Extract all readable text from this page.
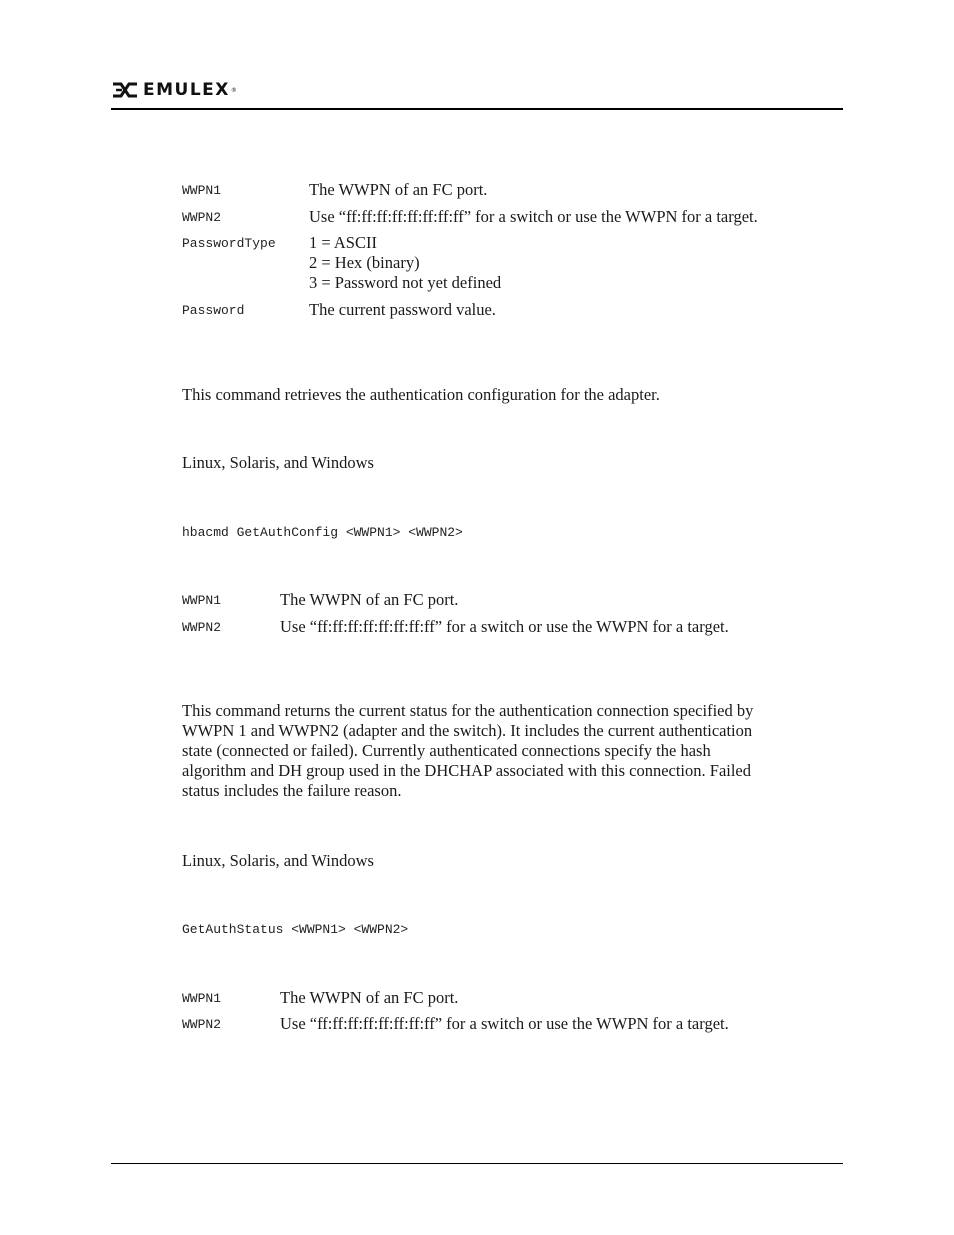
EMULEX ®
WWPN1	The WWPN of an FC port.
WWPN2	Use “ff:ff:ff:ff:ff:ff:ff:ff” for a switch or use the WWPN for a target.
PasswordType 1 = ASCII
2 = Hex (binary)
3 = Password not yet defined
Password	The current password value.
This command retrieves the authentication configuration for the adapter.
Linux, Solaris, and Windows
hbacmd GetAuthConfig <WWPN1> <WWPN2>
WWPN1	The WWPN of an FC port.
WWPN2	Use “ff:ff:ff:ff:ff:ff:ff:ff” for a switch or use the WWPN for a target.
This command returns the current status for the authentication connection specified by
WWPN 1 and WWPN2 (adapter and the switch). It includes the current authentication
state (connected or failed). Currently authenticated connections specify the hash
algorithm and DH group used in the DHCHAP associated with this connection. Failed
status includes the failure reason.
Linux, Solaris, and Windows
GetAuthStatus <WWPN1> <WWPN2>
WWPN1	The WWPN of an FC port.
WWPN2	Use “ff:ff:ff:ff:ff:ff:ff:ff” for a switch or use the WWPN for a target.
